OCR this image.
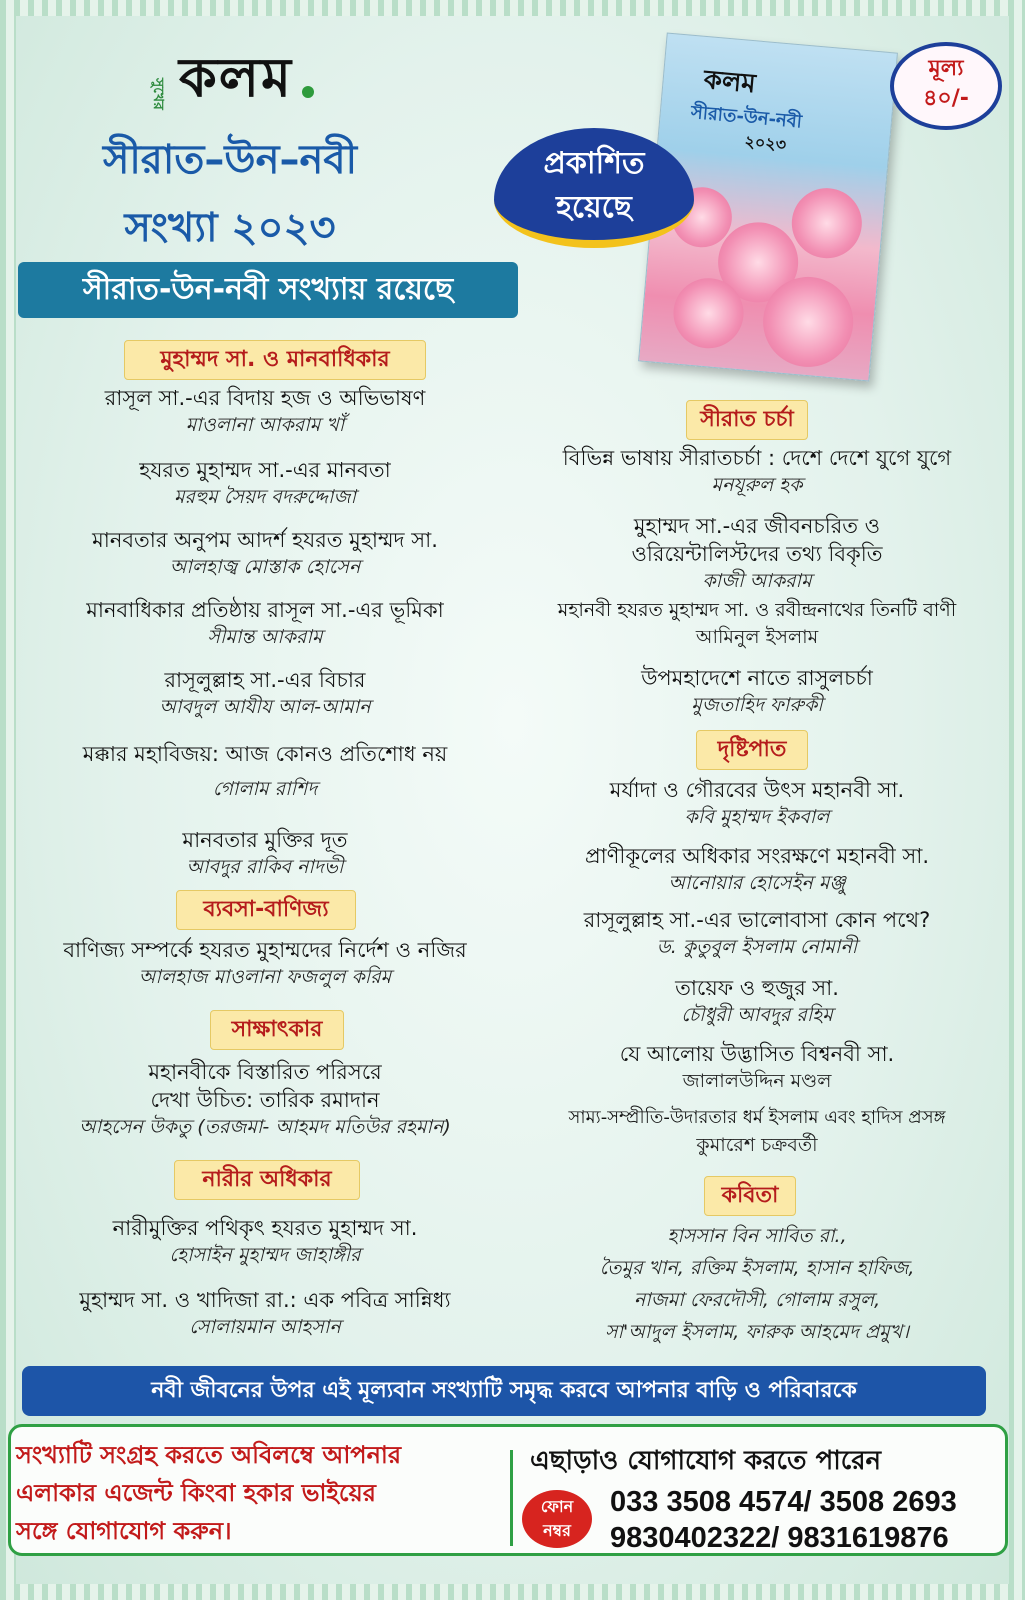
সুখের কলম
সীরাত–উন–নবী
সংখ্যা ২০২৩
সীরাত-উন-নবী সংখ্যায় রয়েছে
কলম
সীরাত-উন-নবী
২০২৩
প্রকাশিত
হয়েছে
মূল্য
৪০/-
মুহাম্মদ সা. ও মানবাধিকার
রাসূল সা.-এর বিদায় হজ ও অভিভাষণ
মাওলানা আকরাম খাঁ
হযরত মুহাম্মদ সা.-এর মানবতা
মরহুম সৈয়দ বদরুদ্দোজা
মানবতার অনুপম আদর্শ হযরত মুহাম্মদ সা.
আলহাজ্ব মোস্তাক হোসেন
মানবাধিকার প্রতিষ্ঠায় রাসূল সা.-এর ভূমিকা
সীমান্ত আকরাম
রাসূলুল্লাহ সা.-এর বিচার
আবদুল আযীয আল-আমান
মক্কার মহাবিজয়: আজ কোনও প্রতিশোধ নয়
গোলাম রাশিদ
মানবতার মুক্তির দূত
আবদুর রাকিব নাদভী
ব্যবসা-বাণিজ্য
বাণিজ্য সম্পর্কে হযরত মুহাম্মদের নির্দেশ ও নজির
আলহাজ মাওলানা ফজলুল করিম
সাক্ষাৎকার
মহানবীকে বিস্তারিত পরিসরে
দেখা উচিত: তারিক রমাদান
আহসেন উকতু (তরজমা- আহমদ মতিউর রহমান)
নারীর অধিকার
নারীমুক্তির পথিকৃৎ হযরত মুহাম্মদ সা.
হোসাইন মুহাম্মদ জাহাঙ্গীর
মুহাম্মদ সা. ও খাদিজা রা.: এক পবিত্র সান্নিধ্য
সোলায়মান আহসান
সীরাত চর্চা
বিভিন্ন ভাষায় সীরাতচর্চা : দেশে দেশে যুগে যুগে
মনযূরুল হক
মুহাম্মদ সা.-এর জীবনচরিত ও
ওরিয়েন্টালিস্টদের তথ্য বিকৃতি
কাজী আকরাম
মহানবী হযরত মুহাম্মদ সা. ও রবীন্দ্রনাথের তিনটি বাণী
আমিনুল ইসলাম
উপমহাদেশে নাতে রাসুলচর্চা
মুজতাহিদ ফারুকী
দৃষ্টিপাত
মর্যাদা ও গৌরবের উৎস মহানবী সা.
কবি মুহাম্মদ ইকবাল
প্রাণীকূলের অধিকার সংরক্ষণে মহানবী সা.
আনোয়ার হোসেইন মঞ্জু
রাসূলুল্লাহ সা.-এর ভালোবাসা কোন পথে?
ড. কুতুবুল ইসলাম নোমানী
তায়েফ ও হুজুর সা.
চৌধুরী আবদুর রহিম
যে আলোয় উদ্ভাসিত বিশ্বনবী সা.
জালালউদ্দিন মণ্ডল
সাম্য-সম্প্রীতি-উদারতার ধর্ম ইসলাম এবং হাদিস প্রসঙ্গ
কুমারেশ চক্রবর্তী
কবিতা
হাসসান বিন সাবিত রা.,
তৈমুর খান, রক্তিম ইসলাম, হাসান হাফিজ,
নাজমা ফেরদৌসী, গোলাম রসুল,
সা'আদুল ইসলাম, ফারুক আহমেদ প্রমুখ।
নবী জীবনের উপর এই মূল্যবান সংখ্যাটি সমৃদ্ধ করবে আপনার বাড়ি ও পরিবারকে
সংখ্যাটি সংগ্রহ করতে অবিলম্বে আপনার
এলাকার এজেন্ট কিংবা হকার ভাইয়ের
সঙ্গে যোগাযোগ করুন।
এছাড়াও যোগাযোগ করতে পারেন
ফোন
নম্বর
033 3508 4574/ 3508 2693
9830402322/ 9831619876
